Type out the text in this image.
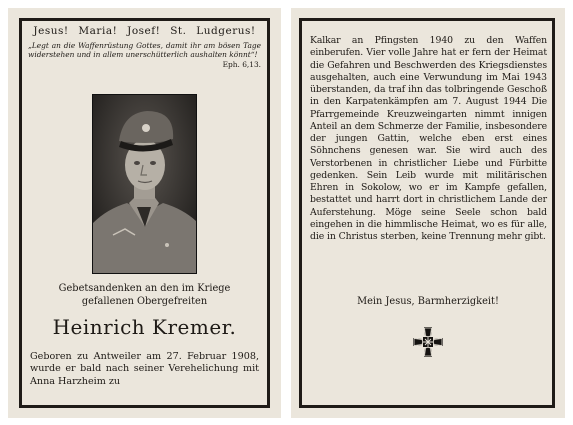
Jesus! Maria! Josef! St. Ludgerus!
„Legt an die Waffenrüstung Gottes, damit ihr am bösen Tage widerstehen und in allem unerschütterlich aushalten könnt“!
Eph. 6,13.
Gebetsandenken an den im Kriege
gefallenen Obergefreiten
Heinrich Kremer.
Geboren zu Antweiler am 27. Februar 1908, wurde er bald nach seiner Verehelichung mit Anna Harzheim zu
Kalkar an Pfingsten 1940 zu den Waffen einberufen. Vier volle Jahre hat er fern der Heimat die Gefahren und Beschwerden des Kriegsdienstes ausgehalten, auch eine Verwundung im Mai 1943 überstanden, da traf ihn das tolbringende Geschoß in den Karpatenkämpfen am 7. August 1944 Die Pfarrgemeinde Kreuzweingarten nimmt innigen Anteil an dem Schmerze der Familie, insbesondere der jungen Gattin, welche eben erst eines Söhnchens genesen war. Sie wird auch des Verstorbenen in christlicher Liebe und Fürbitte gedenken. Sein Leib wurde mit militärischen Ehren in Sokolow, wo er im Kampfe gefallen, bestattet und harrt dort in christlichem Lande der Auferstehung. Möge seine Seele schon bald eingehen in die himmlische Heimat, wo es für alle, die in Christus sterben, keine Trennung mehr gibt.
Mein Jesus, Barmherzigkeit!
